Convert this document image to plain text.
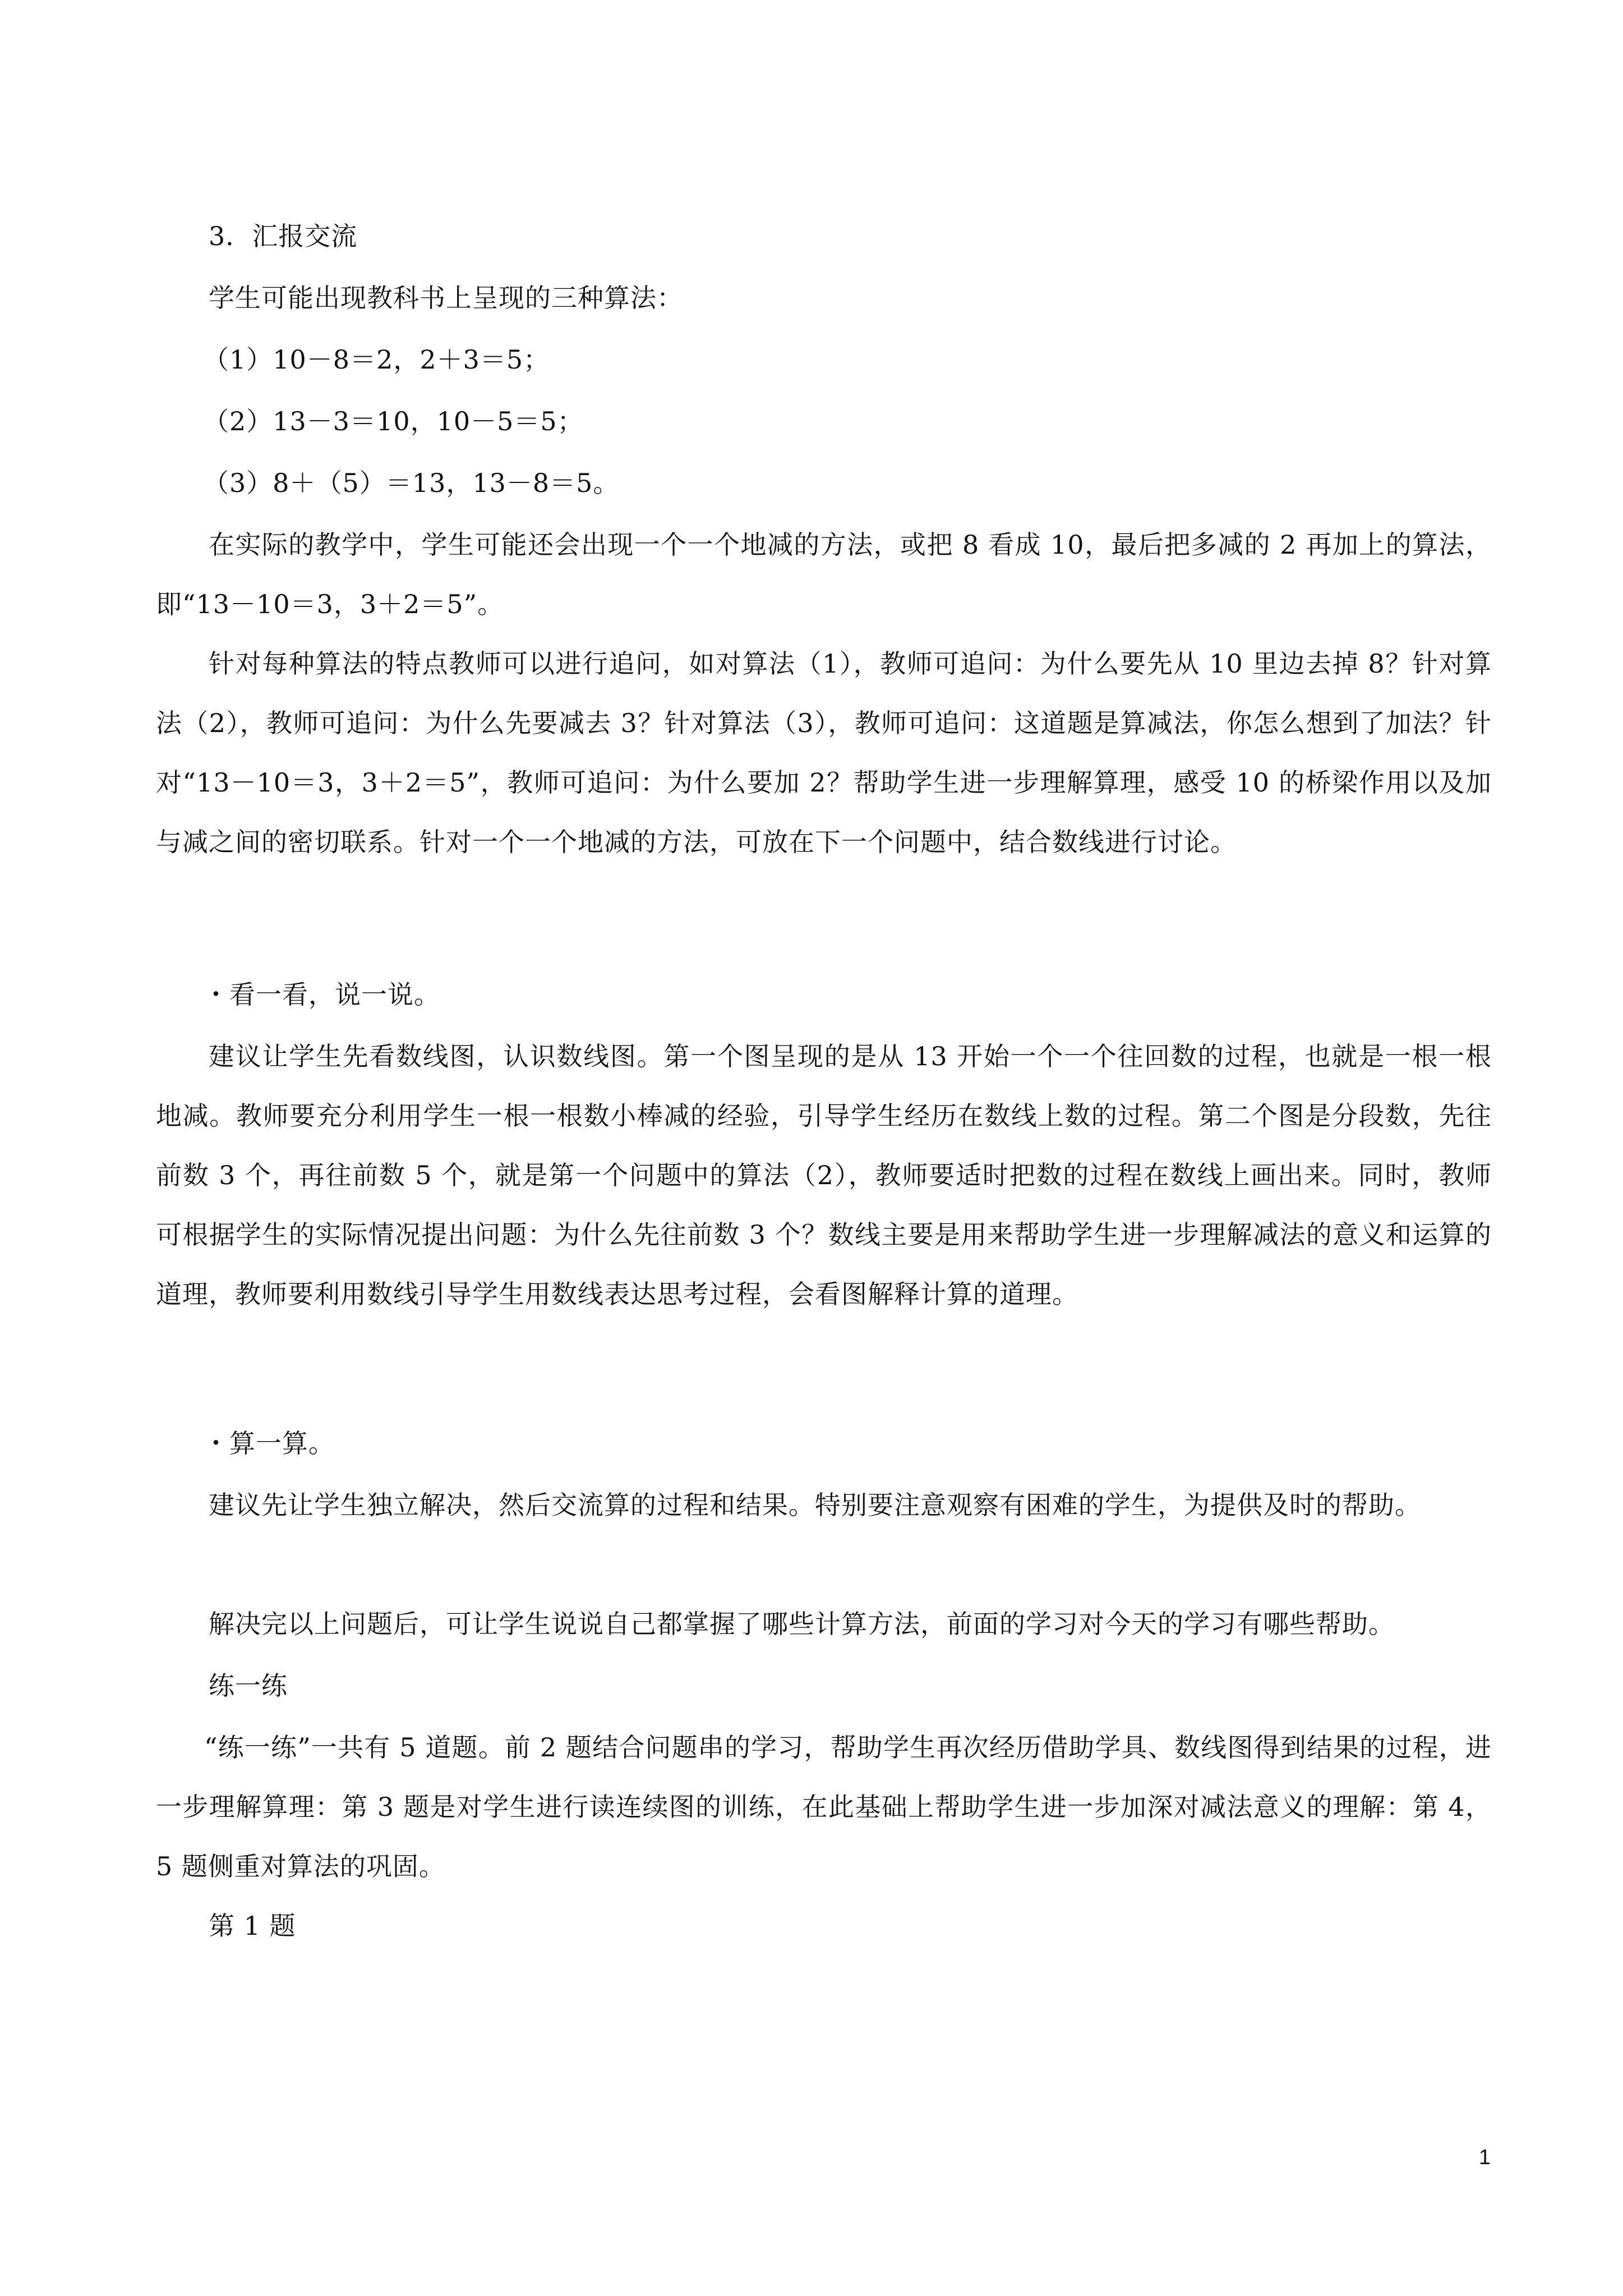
3．汇报交流

学生可能出现教科书上呈现的三种算法：

（1）10－8＝2，2＋3＝5；

（2）13－3＝10，10－5＝5；

（3）8＋（5）＝13，13－8＝5。

在实际的教学中，学生可能还会出现一个一个地减的方法，或把 8 看成 10，最后把多减的 2 再加上的算法，即“13－10＝3，3＋2＝5”。

针对每种算法的特点教师可以进行追问，如对算法（1），教师可追问：为什么要先从 10 里边去掉 8？针对算法（2），教师可追问：为什么先要减去 3？针对算法（3），教师可追问：这道题是算减法，你怎么想到了加法？针对“13－10＝3，3＋2＝5”，教师可追问：为什么要加 2？帮助学生进一步理解算理，感受 10 的桥梁作用以及加与减之间的密切联系。针对一个一个地减的方法，可放在下一个问题中，结合数线进行讨论。

・看一看，说一说。

建议让学生先看数线图，认识数线图。第一个图呈现的是从 13 开始一个一个往回数的过程，也就是一根一根地减。教师要充分利用学生一根一根数小棒减的经验，引导学生经历在数线上数的过程。第二个图是分段数，先往前数 3 个，再往前数 5 个，就是第一个问题中的算法（2），教师要适时把数的过程在数线上画出来。同时，教师可根据学生的实际情况提出问题：为什么先往前数 3 个？数线主要是用来帮助学生进一步理解减法的意义和运算的道理，教师要利用数线引导学生用数线表达思考过程，会看图解释计算的道理。

・算一算。

建议先让学生独立解决，然后交流算的过程和结果。特别要注意观察有困难的学生，为提供及时的帮助。

解决完以上问题后，可让学生说说自己都掌握了哪些计算方法，前面的学习对今天的学习有哪些帮助。

练一练

“练一练”一共有 5 道题。前 2 题结合问题串的学习，帮助学生再次经历借助学具、数线图得到结果的过程，进一步理解算理：第 3 题是对学生进行读连续图的训练，在此基础上帮助学生进一步加深对减法意义的理解：第 4，5 题侧重对算法的巩固。

第 1 题

1
